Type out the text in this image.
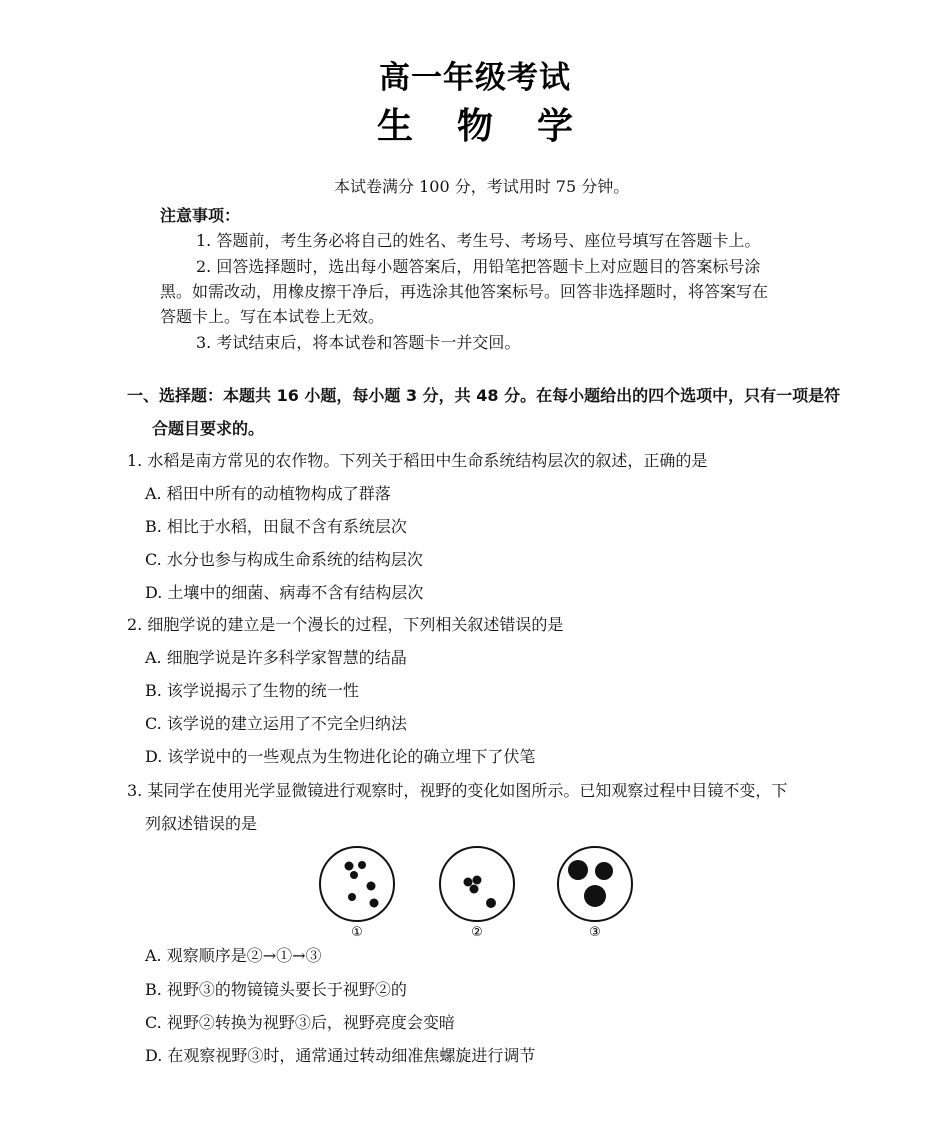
高一年级考试
生物学
本试卷满分 100 分，考试用时 75 分钟。
注意事项：
1. 答题前，考生务必将自己的姓名、考生号、考场号、座位号填写在答题卡上。
2. 回答选择题时，选出每小题答案后，用铅笔把答题卡上对应题目的答案标号涂
黑。如需改动，用橡皮擦干净后，再选涂其他答案标号。回答非选择题时，将答案写在
答题卡上。写在本试卷上无效。
3. 考试结束后，将本试卷和答题卡一并交回。
一、选择题：本题共 16 小题，每小题 3 分，共 48 分。在每小题给出的四个选项中，只有一项是符
合题目要求的。
1. 水稻是南方常见的农作物。下列关于稻田中生命系统结构层次的叙述，正确的是
A. 稻田中所有的动植物构成了群落
B. 相比于水稻，田鼠不含有系统层次
C. 水分也参与构成生命系统的结构层次
D. 土壤中的细菌、病毒不含有结构层次
2. 细胞学说的建立是一个漫长的过程，下列相关叙述错误的是
A. 细胞学说是许多科学家智慧的结晶
B. 该学说揭示了生物的统一性
C. 该学说的建立运用了不完全归纳法
D. 该学说中的一些观点为生物进化论的确立埋下了伏笔
3. 某同学在使用光学显微镜进行观察时，视野的变化如图所示。已知观察过程中目镜不变，下
列叙述错误的是
①	②	③
A. 观察顺序是②→①→③
B. 视野③的物镜镜头要长于视野②的
C. 视野②转换为视野③后，视野亮度会变暗
D. 在观察视野③时，通常通过转动细准焦螺旋进行调节
